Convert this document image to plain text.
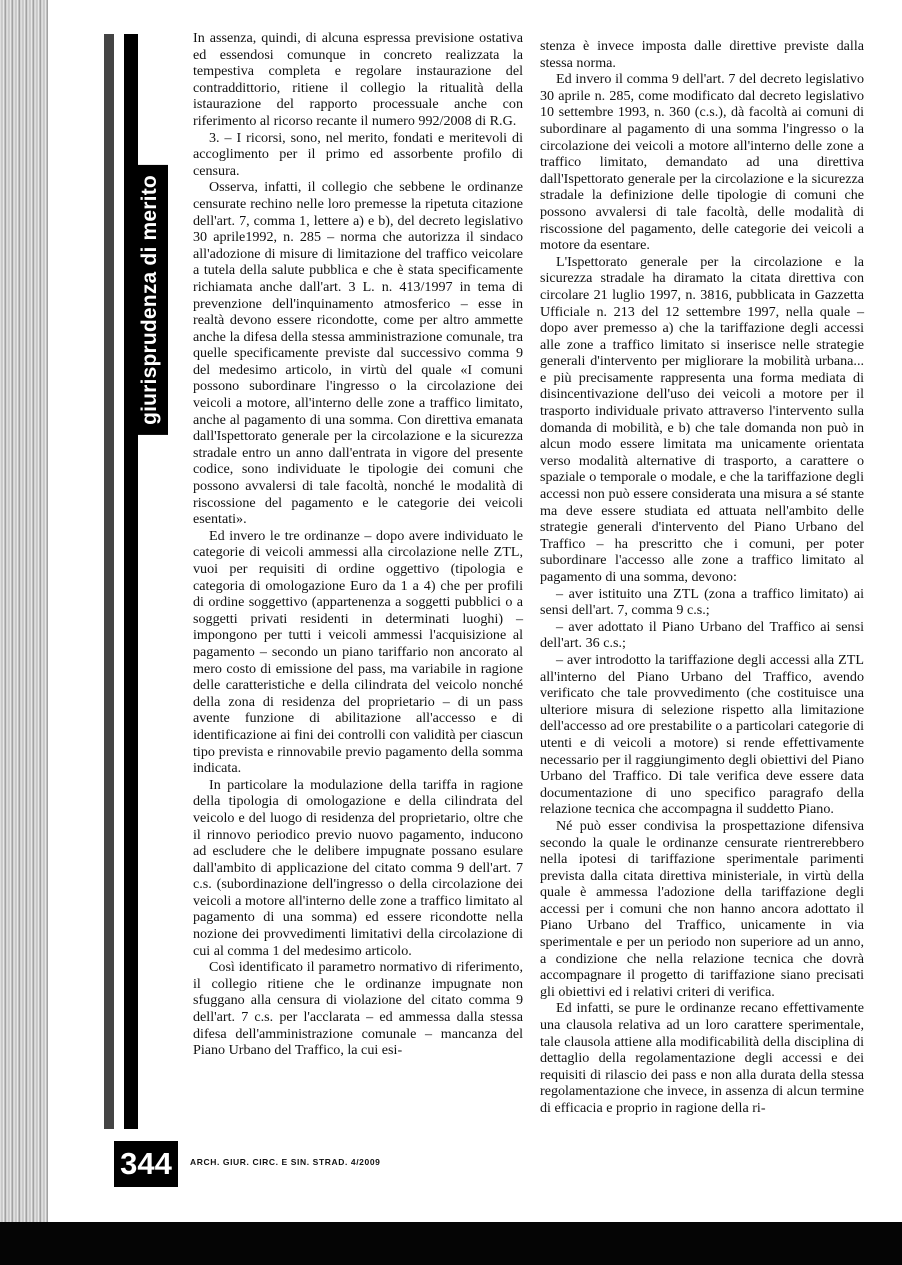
giurisprudenza di merito

In assenza, quindi, di alcuna espressa previsione ostativa ed essendosi comunque in concreto realizzata la tempestiva completa e regolare instaurazione del contraddittorio, ritiene il collegio la ritualità della istaurazione del rapporto processuale anche con riferimento al ricorso recante il numero 992/2008 di R.G.

3. – I ricorsi, sono, nel merito, fondati e meritevoli di accoglimento per il primo ed assorbente profilo di censura.

Osserva, infatti, il collegio che sebbene le ordinanze censurate rechino nelle loro premesse la ripetuta citazione dell'art. 7, comma 1, lettere a) e b), del decreto legislativo 30 aprile1992, n. 285 – norma che autorizza il sindaco all'adozione di misure di limitazione del traffico veicolare a tutela della salute pubblica e che è stata specificamente richiamata anche dall'art. 3 L. n. 413/1997 in tema di prevenzione dell'inquinamento atmosferico – esse in realtà devono essere ricondotte, come per altro ammette anche la difesa della stessa amministrazione comunale, tra quelle specificamente previste dal successivo comma 9 del medesimo articolo, in virtù del quale «I comuni possono subordinare l'ingresso o la circolazione dei veicoli a motore, all'interno delle zone a traffico limitato, anche al pagamento di una somma. Con direttiva emanata dall'Ispettorato generale per la circolazione e la sicurezza stradale entro un anno dall'entrata in vigore del presente codice, sono individuate le tipologie dei comuni che possono avvalersi di tale facoltà, nonché le modalità di riscossione del pagamento e le categorie dei veicoli esentati».

Ed invero le tre ordinanze – dopo avere individuato le categorie di veicoli ammessi alla circolazione nelle ZTL, vuoi per requisiti di ordine oggettivo (tipologia e categoria di omologazione Euro da 1 a 4) che per profili di ordine soggettivo (appartenenza a soggetti pubblici o a soggetti privati residenti in determinati luoghi) – impongono per tutti i veicoli ammessi l'acquisizione al pagamento – secondo un piano tariffario non ancorato al mero costo di emissione del pass, ma variabile in ragione delle caratteristiche e della cilindrata del veicolo nonché della zona di residenza del proprietario – di un pass avente funzione di abilitazione all'accesso e di identificazione ai fini dei controlli con validità per ciascun tipo prevista e rinnovabile previo pagamento della somma indicata.

In particolare la modulazione della tariffa in ragione della tipologia di omologazione e della cilindrata del veicolo e del luogo di residenza del proprietario, oltre che il rinnovo periodico previo nuovo pagamento, inducono ad escludere che le delibere impugnate possano esulare dall'ambito di applicazione del citato comma 9 dell'art. 7 c.s. (subordinazione dell'ingresso o della circolazione dei veicoli a motore all'interno delle zone a traffico limitato al pagamento di una somma) ed essere ricondotte nella nozione dei provvedimenti limitativi della circolazione di cui al comma 1 del medesimo articolo.

Così identificato il parametro normativo di riferimento, il collegio ritiene che le ordinanze impugnate non sfuggano alla censura di violazione del citato comma 9 dell'art. 7 c.s. per l'acclarata – ed ammessa dalla stessa difesa dell'amministrazione comunale – mancanza del Piano Urbano del Traffico, la cui esi-

stenza è invece imposta dalle direttive previste dalla stessa norma.

Ed invero il comma 9 dell'art. 7 del decreto legislativo 30 aprile n. 285, come modificato dal decreto legislativo 10 settembre 1993, n. 360 (c.s.), dà facoltà ai comuni di subordinare al pagamento di una somma l'ingresso o la circolazione dei veicoli a motore all'interno delle zone a traffico limitato, demandato ad una direttiva dall'Ispettorato generale per la circolazione e la sicurezza stradale la definizione delle tipologie di comuni che possono avvalersi di tale facoltà, delle modalità di riscossione del pagamento, delle categorie dei veicoli a motore da esentare.

L'Ispettorato generale per la circolazione e la sicurezza stradale ha diramato la citata direttiva con circolare 21 luglio 1997, n. 3816, pubblicata in Gazzetta Ufficiale n. 213 del 12 settembre 1997, nella quale – dopo aver premesso a) che la tariffazione degli accessi alle zone a traffico limitato si inserisce nelle strategie generali d'intervento per migliorare la mobilità urbana... e più precisamente rappresenta una forma mediata di disincentivazione dell'uso dei veicoli a motore per il trasporto individuale privato attraverso l'intervento sulla domanda di mobilità, e b) che tale domanda non può in alcun modo essere limitata ma unicamente orientata verso modalità alternative di trasporto, a carattere o spaziale o temporale o modale, e che la tariffazione degli accessi non può essere considerata una misura a sé stante ma deve essere studiata ed attuata nell'ambito delle strategie generali d'intervento del Piano Urbano del Traffico – ha prescritto che i comuni, per poter subordinare l'accesso alle zone a traffico limitato al pagamento di una somma, devono:

– aver istituito una ZTL (zona a traffico limitato) ai sensi dell'art. 7, comma 9 c.s.;

– aver adottato il Piano Urbano del Traffico ai sensi dell'art. 36 c.s.;

– aver introdotto la tariffazione degli accessi alla ZTL all'interno del Piano Urbano del Traffico, avendo verificato che tale provvedimento (che costituisce una ulteriore misura di selezione rispetto alla limitazione dell'accesso ad ore prestabilite o a particolari categorie di utenti e di veicoli a motore) si rende effettivamente necessario per il raggiungimento degli obiettivi del Piano Urbano del Traffico. Di tale verifica deve essere data documentazione di uno specifico paragrafo della relazione tecnica che accompagna il suddetto Piano.

Né può esser condivisa la prospettazione difensiva secondo la quale le ordinanze censurate rientrerebbero nella ipotesi di tariffazione sperimentale parimenti prevista dalla citata direttiva ministeriale, in virtù della quale è ammessa l'adozione della tariffazione degli accessi per i comuni che non hanno ancora adottato il Piano Urbano del Traffico, unicamente in via sperimentale e per un periodo non superiore ad un anno, a condizione che nella relazione tecnica che dovrà accompagnare il progetto di tariffazione siano precisati gli obiettivi ed i relativi criteri di verifica.

Ed infatti, se pure le ordinanze recano effettivamente una clausola relativa ad un loro carattere sperimentale, tale clausola attiene alla modificabilità della disciplina di dettaglio della regolamentazione degli accessi e dei requisiti di rilascio dei pass e non alla durata della stessa regolamentazione che invece, in assenza di alcun termine di efficacia e proprio in ragione della ri-

344	ARCH. GIUR. CIRC. E SIN. STRAD. 4/2009
